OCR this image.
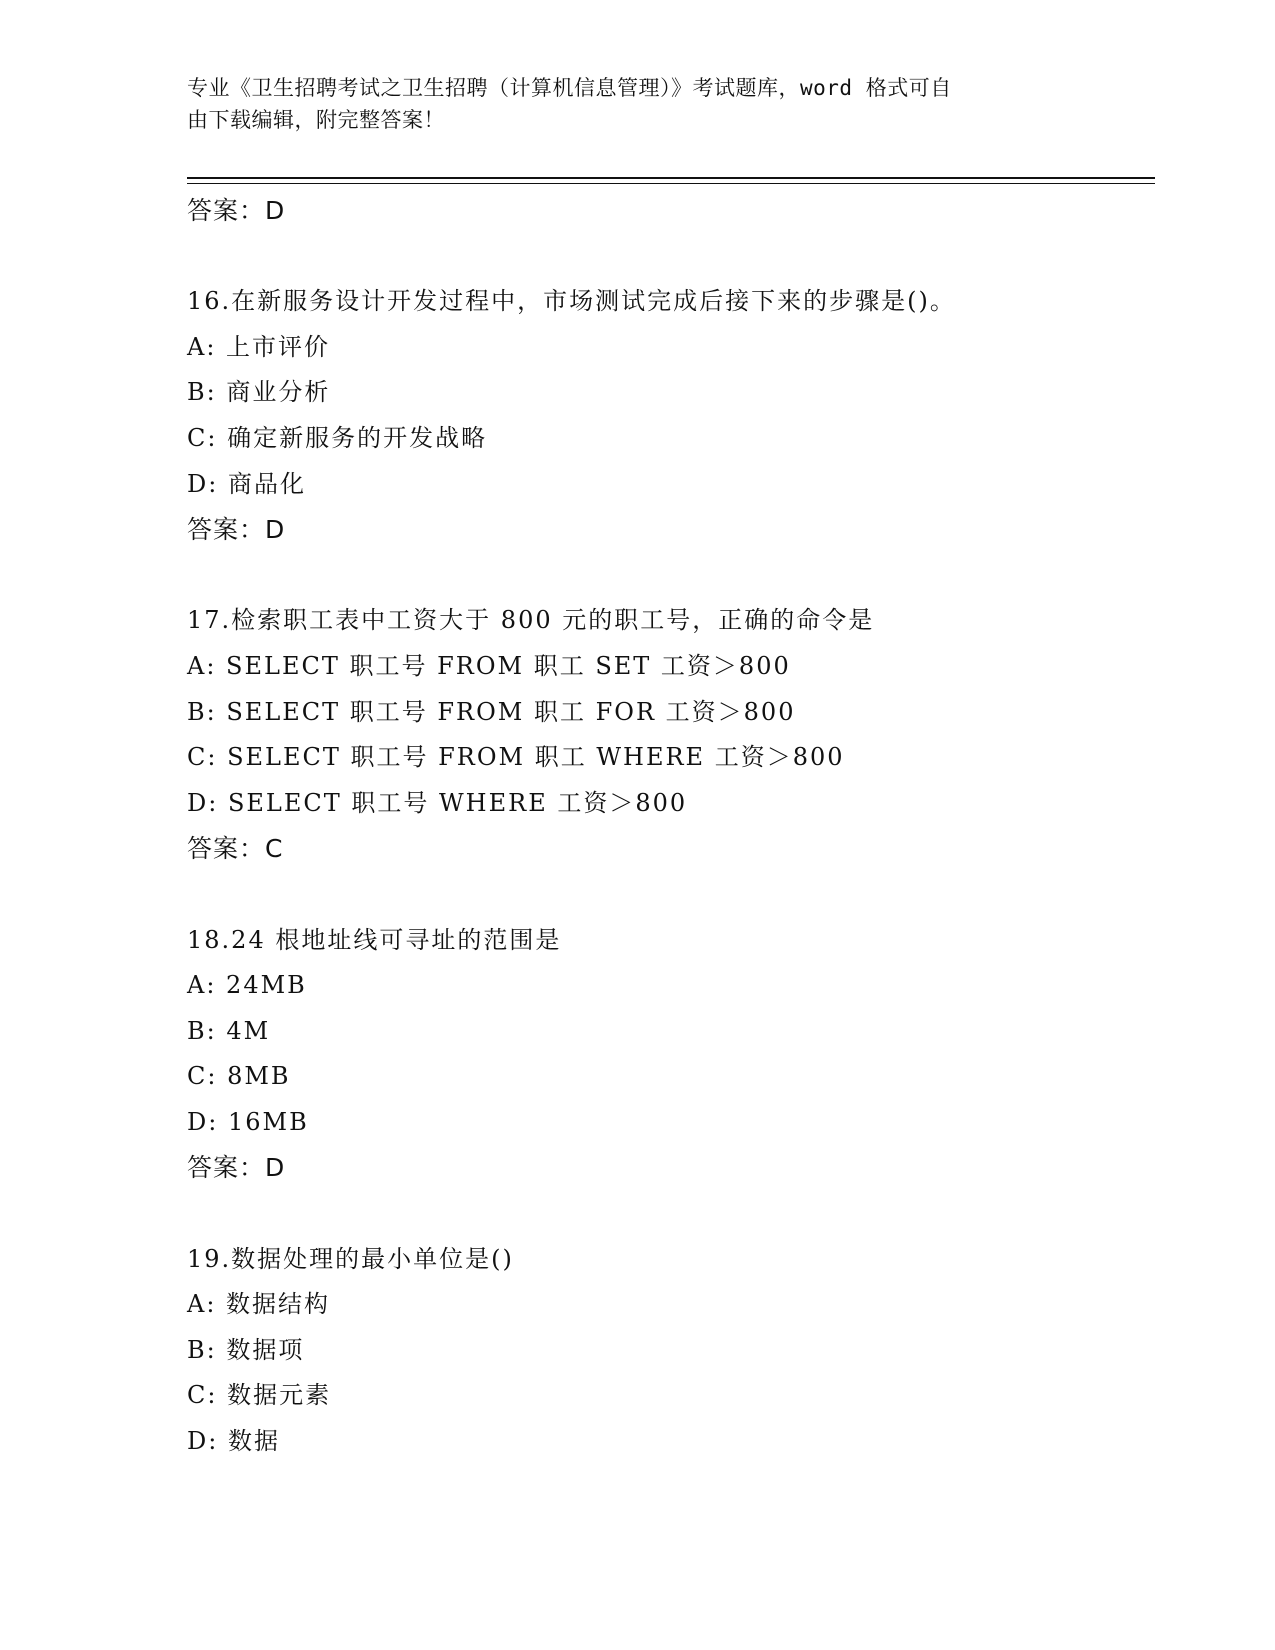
专业《卫生招聘考试之卫生招聘（计算机信息管理）》考试题库，word 格式可自
由下载编辑，附完整答案！
答案：D
16.在新服务设计开发过程中，市场测试完成后接下来的步骤是()。
A: 上市评价
B: 商业分析
C: 确定新服务的开发战略
D: 商品化
答案：D
17.检索职工表中工资大于 800 元的职工号，正确的命令是
A: SELECT 职工号 FROM 职工 SET 工资＞800
B: SELECT 职工号 FROM 职工 FOR 工资＞800
C: SELECT 职工号 FROM 职工 WHERE 工资＞800
D: SELECT 职工号 WHERE 工资＞800
答案：C
18.24 根地址线可寻址的范围是
A: 24MB
B: 4M
C: 8MB
D: 16MB
答案：D
19.数据处理的最小单位是()
A: 数据结构
B: 数据项
C: 数据元素
D: 数据
